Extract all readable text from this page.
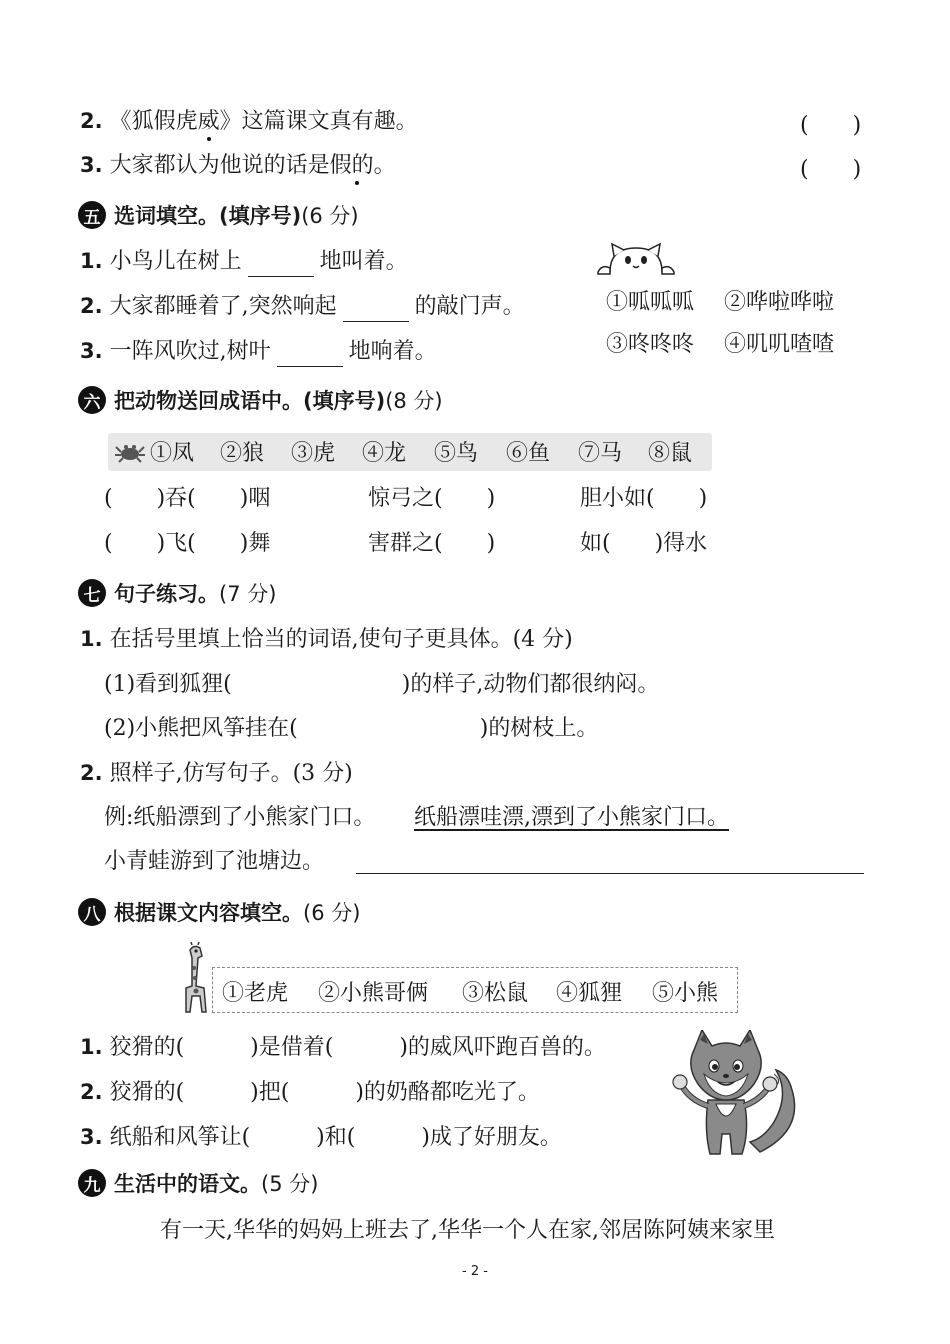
2. 《狐假虎威》这篇课文真有趣。	(　　)
3. 大家都认为他说的话是假的。	(　　)
五 选词填空。(填序号) (6 分)
1. 小鸟儿在树上	地叫着。
2. 大家都睡着了,突然响起	的敲门声。
3. 一阵风吹过,树叶	地响着。
①呱呱呱 ②哗啦哗啦
③咚咚咚 ④叽叽喳喳
六 把动物送回成语中。(填序号) (8 分)
①凤 ②狼 ③虎 ④龙 ⑤鸟 ⑥鱼 ⑦马 ⑧鼠
(　　)吞(　　)咽	惊弓之(　　)	胆小如(　　)
(　　)飞(　　)舞	害群之(　　)	如(　　)得水
七 句子练习。 (7 分)
1. 在括号里填上恰当的词语,使句子更具体。(4 分)
(1)看到狐狸(	)的样子,动物们都很纳闷。
(2)小熊把风筝挂在(	)的树枝上。
2. 照样子,仿写句子。(3 分)
例:纸船漂到了小熊家门口。 纸船漂哇漂,漂到了小熊家门口。
小青蛙游到了池塘边。
八 根据课文内容填空。 (6 分)
①老虎 ②小熊哥俩 ③松鼠 ④狐狸 ⑤小熊
1. 狡猾的(　　　)是借着(　　　)的威风吓跑百兽的。
2. 狡猾的(　　　)把(　　　)的奶酪都吃光了。
3. 纸船和风筝让(　　　)和(　　　)成了好朋友。
九 生活中的语文。 (5 分)
有一天,华华的妈妈上班去了,华华一个人在家,邻居陈阿姨来家里
- 2 -
